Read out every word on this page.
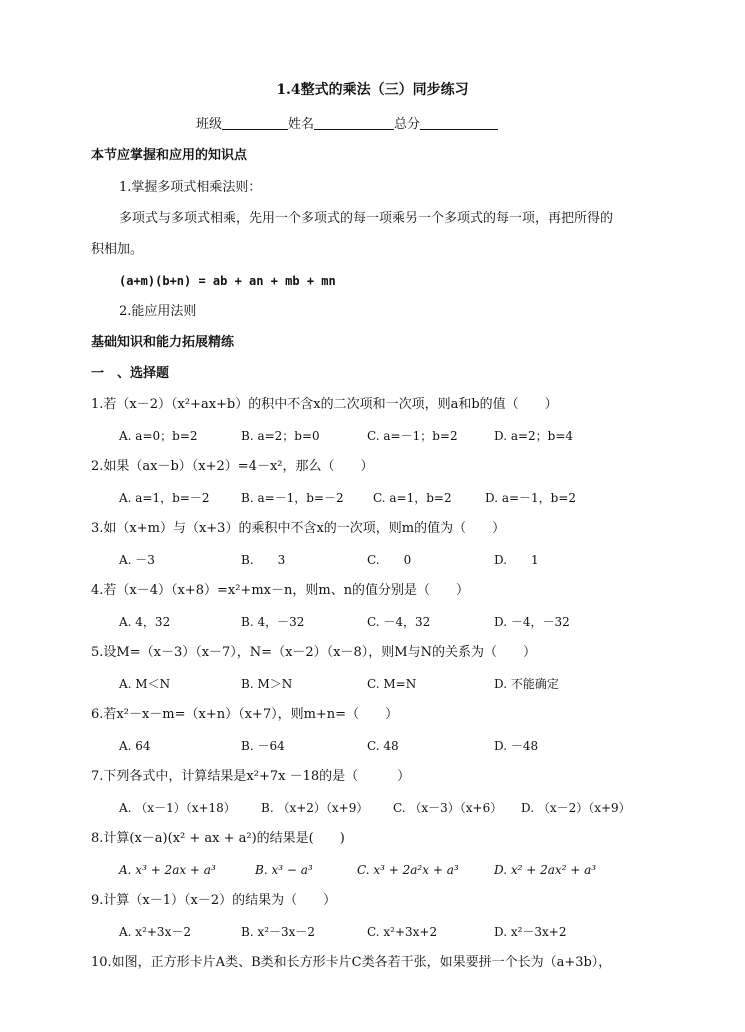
1.4整式的乘法（三）同步练习
班级	姓名	总分
本节应掌握和应用的知识点
1.掌握多项式相乘法则：
多项式与多项式相乘，先用一个多项式的每一项乘另一个多项式的每一项，再把所得的
积相加。
(a+m)(b+n) = ab + an + mb + mn
2.能应用法则
基础知识和能力拓展精练
一　、选择题
1.若（x－2）（x²+ax+b）的积中不含x的二次项和一次项，则a和b的值（　　）
A. a=0；b=2	B. a=2；b=0	C. a=－1；b=2	D. a=2；b=4
2.如果（ax－b）（x+2）=4－x²，那么（　　）
A. a=1，b=－2	B. a=－1，b=－2 C. a=1，b=2	D. a=－1，b=2
3.如（x+m）与（x+3）的乘积中不含x的一次项，则m的值为（　　）
A. －3	B.　　3	C.　　0	D.　　1
4.若（x－4）（x+8）=x²+mx－n，则m、n的值分别是（　　）
A. 4，32	B. 4，－32	C. －4，32	D. －4，－32
5.设M=（x－3）（x－7），N=（x－2）（x－8），则M与N的关系为（　　）
A. M＜N	B. M＞N	C. M=N	D. 不能确定
6.若x²－x－m=（x+n）（x+7），则m+n=（　　）
A. 64	B. －64	C. 48	D. －48
7.下列各式中，计算结果是x²+7x －18的是（　　　）
A. （x－1）（x+18） B. （x+2）（x+9） C. （x－3）（x+6） D. （x－2）（x+9）
8.计算(x－a)(x² + ax + a²)的结果是(　　)
A. x³ + 2ax + a³	B. x³ − a³	C. x³ + 2a²x + a³	D. x² + 2ax² + a³
9.计算（x－1）（x－2）的结果为（　　）
A. x²+3x－2	B. x²－3x－2	C. x²+3x+2	D. x²－3x+2
10.如图，正方形卡片A类、B类和长方形卡片C类各若干张，如果要拼一个长为（a+3b），
